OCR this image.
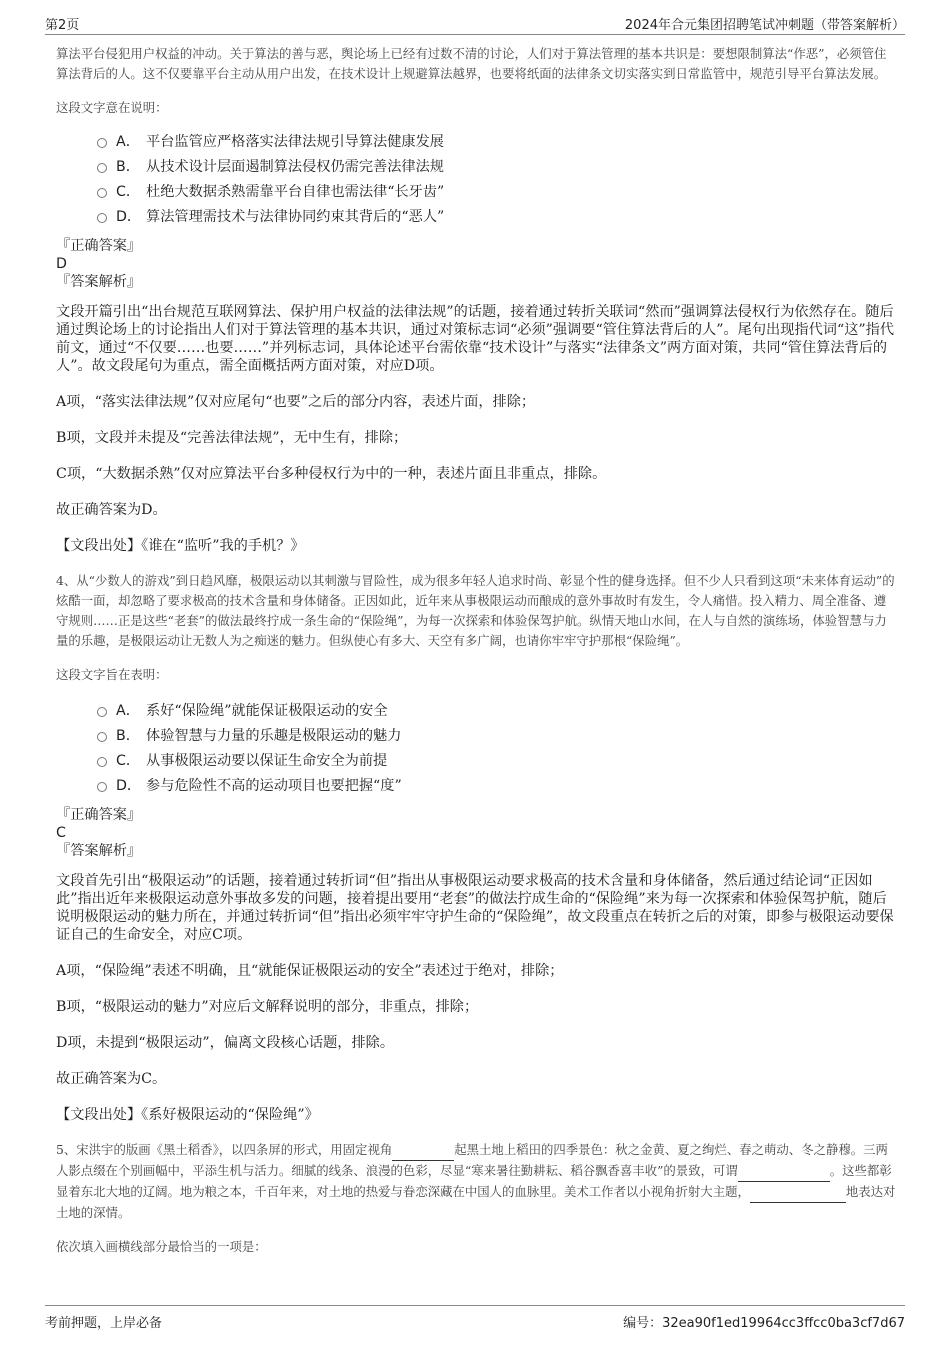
第2页	2024年合元集团招聘笔试冲刺题（带答案解析）

算法平台侵犯用户权益的冲动。关于算法的善与恶，舆论场上已经有过数不清的讨论，人们对于算法管理的基本共识是：要想限制算法“作恶”，必须管住算法背后的人。这不仅要靠平台主动从用户出发，在技术设计上规避算法越界，也要将纸面的法律条文切实落实到日常监管中，规范引导平台算法发展。

这段文字意在说明：

A． 平台监管应严格落实法律法规引导算法健康发展
B． 从技术设计层面遏制算法侵权仍需完善法律法规
C． 杜绝大数据杀熟需靠平台自律也需法律“长牙齿”
D． 算法管理需技术与法律协同约束其背后的“恶人”

『正确答案』

D

『答案解析』

文段开篇引出“出台规范互联网算法、保护用户权益的法律法规”的话题，接着通过转折关联词“然而”强调算法侵权行为依然存在。随后通过舆论场上的讨论指出人们对于算法管理的基本共识，通过对策标志词“必须”强调要“管住算法背后的人”。尾句出现指代词“这”指代前文，通过“不仅要……也要……”并列标志词，具体论述平台需依靠“技术设计”与落实“法律条文”两方面对策，共同“管住算法背后的人”。故文段尾句为重点，需全面概括两方面对策，对应D项。

A项，“落实法律法规”仅对应尾句“也要”之后的部分内容，表述片面，排除；

B项，文段并未提及“完善法律法规”，无中生有，排除；

C项，“大数据杀熟”仅对应算法平台多种侵权行为中的一种，表述片面且非重点，排除。

故正确答案为D。

【文段出处】《谁在“监听”我的手机？》

4、从“少数人的游戏”到日趋风靡，极限运动以其刺激与冒险性，成为很多年轻人追求时尚、彰显个性的健身选择。但不少人只看到这项“未来体育运动”的炫酷一面，却忽略了要求极高的技术含量和身体储备。正因如此，近年来从事极限运动而酿成的意外事故时有发生，令人痛惜。投入精力、周全准备、遵守规则……正是这些“老套”的做法最终拧成一条生命的“保险绳”，为每一次探索和体验保驾护航。纵情天地山水间，在人与自然的演练场，体验智慧与力量的乐趣，是极限运动让无数人为之痴迷的魅力。但纵使心有多大、天空有多广阔，也请你牢牢守护那根“保险绳”。

这段文字旨在表明：

A． 系好“保险绳”就能保证极限运动的安全
B． 体验智慧与力量的乐趣是极限运动的魅力
C． 从事极限运动要以保证生命安全为前提
D． 参与危险性不高的运动项目也要把握“度”

『正确答案』

C

『答案解析』

文段首先引出“极限运动”的话题，接着通过转折词“但”指出从事极限运动要求极高的技术含量和身体储备，然后通过结论词“正因如此”指出近年来极限运动意外事故多发的问题，接着提出要用“老套”的做法拧成生命的“保险绳”来为每一次探索和体验保驾护航，随后说明极限运动的魅力所在，并通过转折词“但”指出必须牢牢守护生命的“保险绳”，故文段重点在转折之后的对策，即参与极限运动要保证自己的生命安全，对应C项。

A项，“保险绳”表述不明确，且“就能保证极限运动的安全”表述过于绝对，排除；

B项，“极限运动的魅力”对应后文解释说明的部分，非重点，排除；

D项，未提到“极限运动”，偏离文段核心话题，排除。

故正确答案为C。

【文段出处】《系好极限运动的“保险绳”》

5、宋洪宇的版画《黑土稻香》，以四条屏的形式，用固定视角	起黑土地上稻田的四季景色：秋之金黄、夏之绚烂、春之萌动、冬之静穆。三两人影点缀在个别画幅中，平添生机与活力。细腻的线条、浪漫的色彩，尽显“寒来暑往勤耕耘、稻谷飘香喜丰收”的景致，可谓	。这些都彰显着东北大地的辽阔。地为粮之本，千百年来，对土地的热爱与眷恋深藏在中国人的血脉里。美术工作者以小视角折射大主题，	地表达对土地的深情。

依次填入画横线部分最恰当的一项是：

考前押题，上岸必备	编号：32ea90f1ed19964cc3ffcc0ba3cf7d67
